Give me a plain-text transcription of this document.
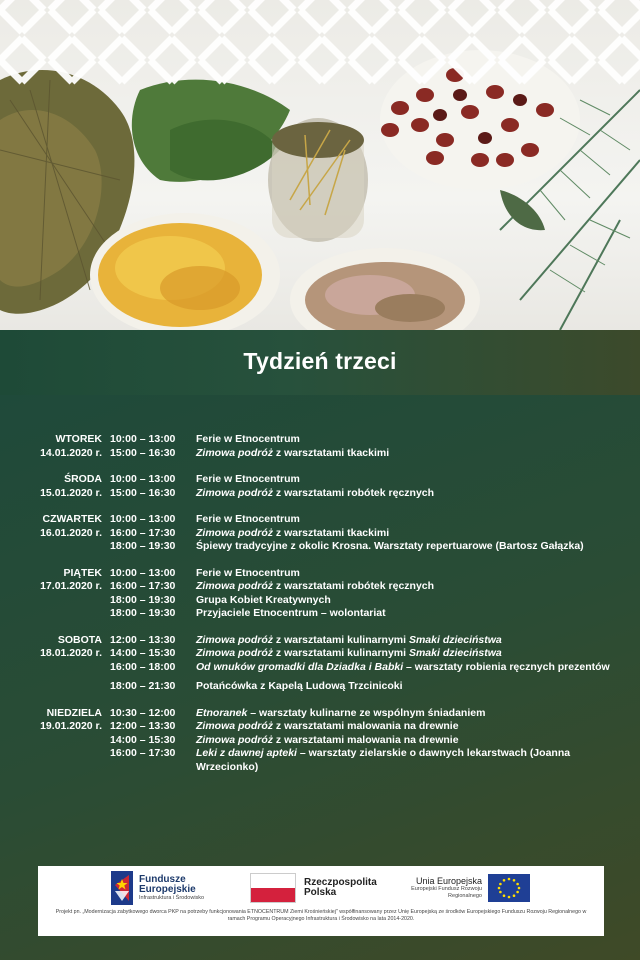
Tydzień trzeci
WTOREK
14.01.2020 r.
10:00 – 13:00	Ferie w Etnocentrum
15:00 – 16:30	Zimowa podróż z warsztatami tkackimi
ŚRODA
15.01.2020 r.
10:00 – 13:00	Ferie w Etnocentrum
15:00 – 16:30	Zimowa podróż z warsztatami robótek ręcznych
CZWARTEK
16.01.2020 r.
10:00 – 13:00	Ferie w Etnocentrum
16:00 – 17:30	Zimowa podróż z warsztatami tkackimi
18:00 – 19:30	Śpiewy tradycyjne z okolic Krosna. Warsztaty repertuarowe (Bartosz Gałązka)
PIĄTEK
17.01.2020 r.
10:00 – 13:00	Ferie w Etnocentrum
16:00 – 17:30	Zimowa podróż z warsztatami robótek ręcznych
18:00 – 19:30	Grupa Kobiet Kreatywnych
18:00 – 19:30	Przyjaciele Etnocentrum – wolontariat
SOBOTA
18.01.2020 r.
12:00 – 13:30	Zimowa podróż z warsztatami kulinarnymi Smaki dzieciństwa
14:00 – 15:30	Zimowa podróż z warsztatami kulinarnymi Smaki dzieciństwa
16:00 – 18:00	Od wnuków gromadki dla Dziadka i Babki – warsztaty robienia ręcznych prezentów
18:00 – 21:30	Potańcówka z Kapelą Ludową Trzcinicoki
NIEDZIELA
19.01.2020 r.
10:30 – 12:00	Etnoranek – warsztaty kulinarne ze wspólnym śniadaniem
12:00 – 13:30	Zimowa podróż z warsztatami malowania na drewnie
14:00 – 15:30	Zimowa podróż z warsztatami malowania na drewnie
16:00 – 17:30	Leki z dawnej apteki – warsztaty zielarskie o dawnych lekarstwach (Joanna Wrzecionko)
Fundusze Europejskie
Infrastruktura i Środowisko
Rzeczpospolita Polska
Unia Europejska
Europejski Fundusz Rozwoju Regionalnego
Projekt pn. „Modernizacja zabytkowego dworca PKP na potrzeby funkcjonowania ETNOCENTRUM Ziemi Krośnieńskiej" współfinansowany przez Unię Europejską ze środków Europejskiego Funduszu Rozwoju Regionalnego w ramach Programu Operacyjnego Infrastruktura i Środowisko na lata 2014-2020.
